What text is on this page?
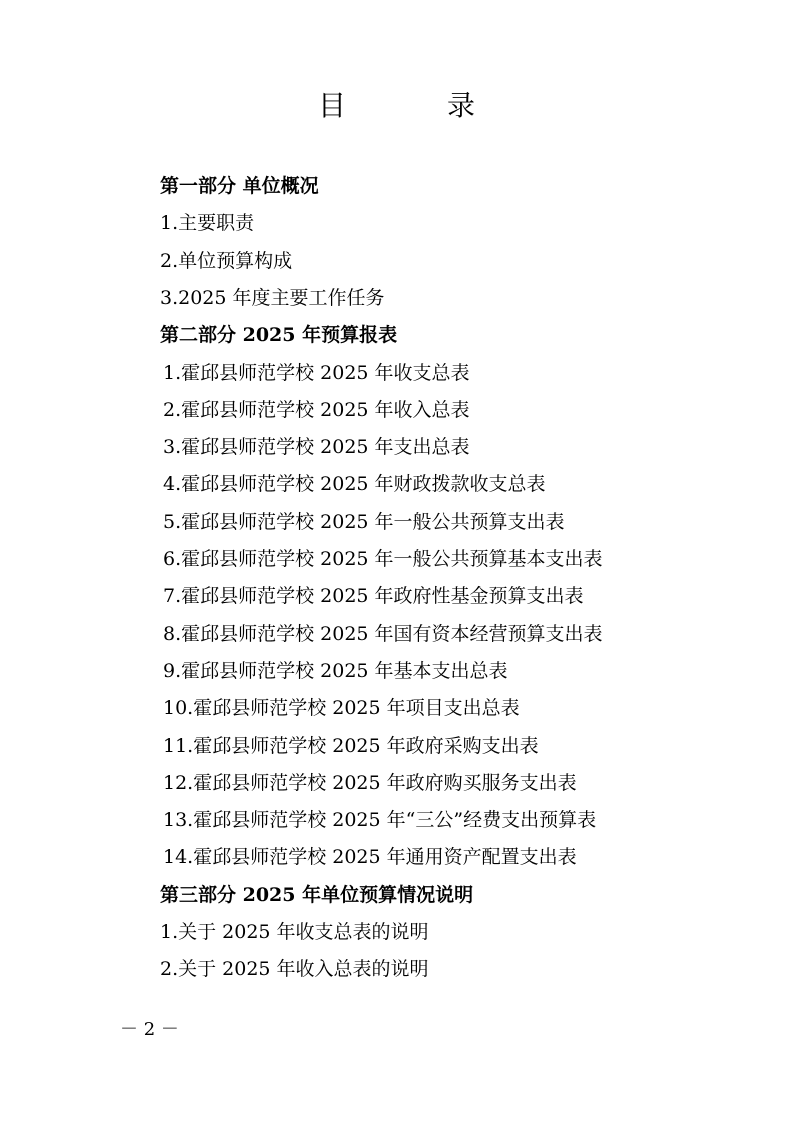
目 录
第一部分 单位概况
1.主要职责
2.单位预算构成
3.2025 年度主要工作任务
第二部分 2025 年预算报表
1.霍邱县师范学校 2025 年收支总表
2.霍邱县师范学校 2025 年收入总表
3.霍邱县师范学校 2025 年支出总表
4.霍邱县师范学校 2025 年财政拨款收支总表
5.霍邱县师范学校 2025 年一般公共预算支出表
6.霍邱县师范学校 2025 年一般公共预算基本支出表
7.霍邱县师范学校 2025 年政府性基金预算支出表
8.霍邱县师范学校 2025 年国有资本经营预算支出表
9.霍邱县师范学校 2025 年基本支出总表
10.霍邱县师范学校 2025 年项目支出总表
11.霍邱县师范学校 2025 年政府采购支出表
12.霍邱县师范学校 2025 年政府购买服务支出表
13.霍邱县师范学校 2025 年“三公”经费支出预算表
14.霍邱县师范学校 2025 年通用资产配置支出表
第三部分 2025 年单位预算情况说明
1.关于 2025 年收支总表的说明
2.关于 2025 年收入总表的说明
－ 2 －
